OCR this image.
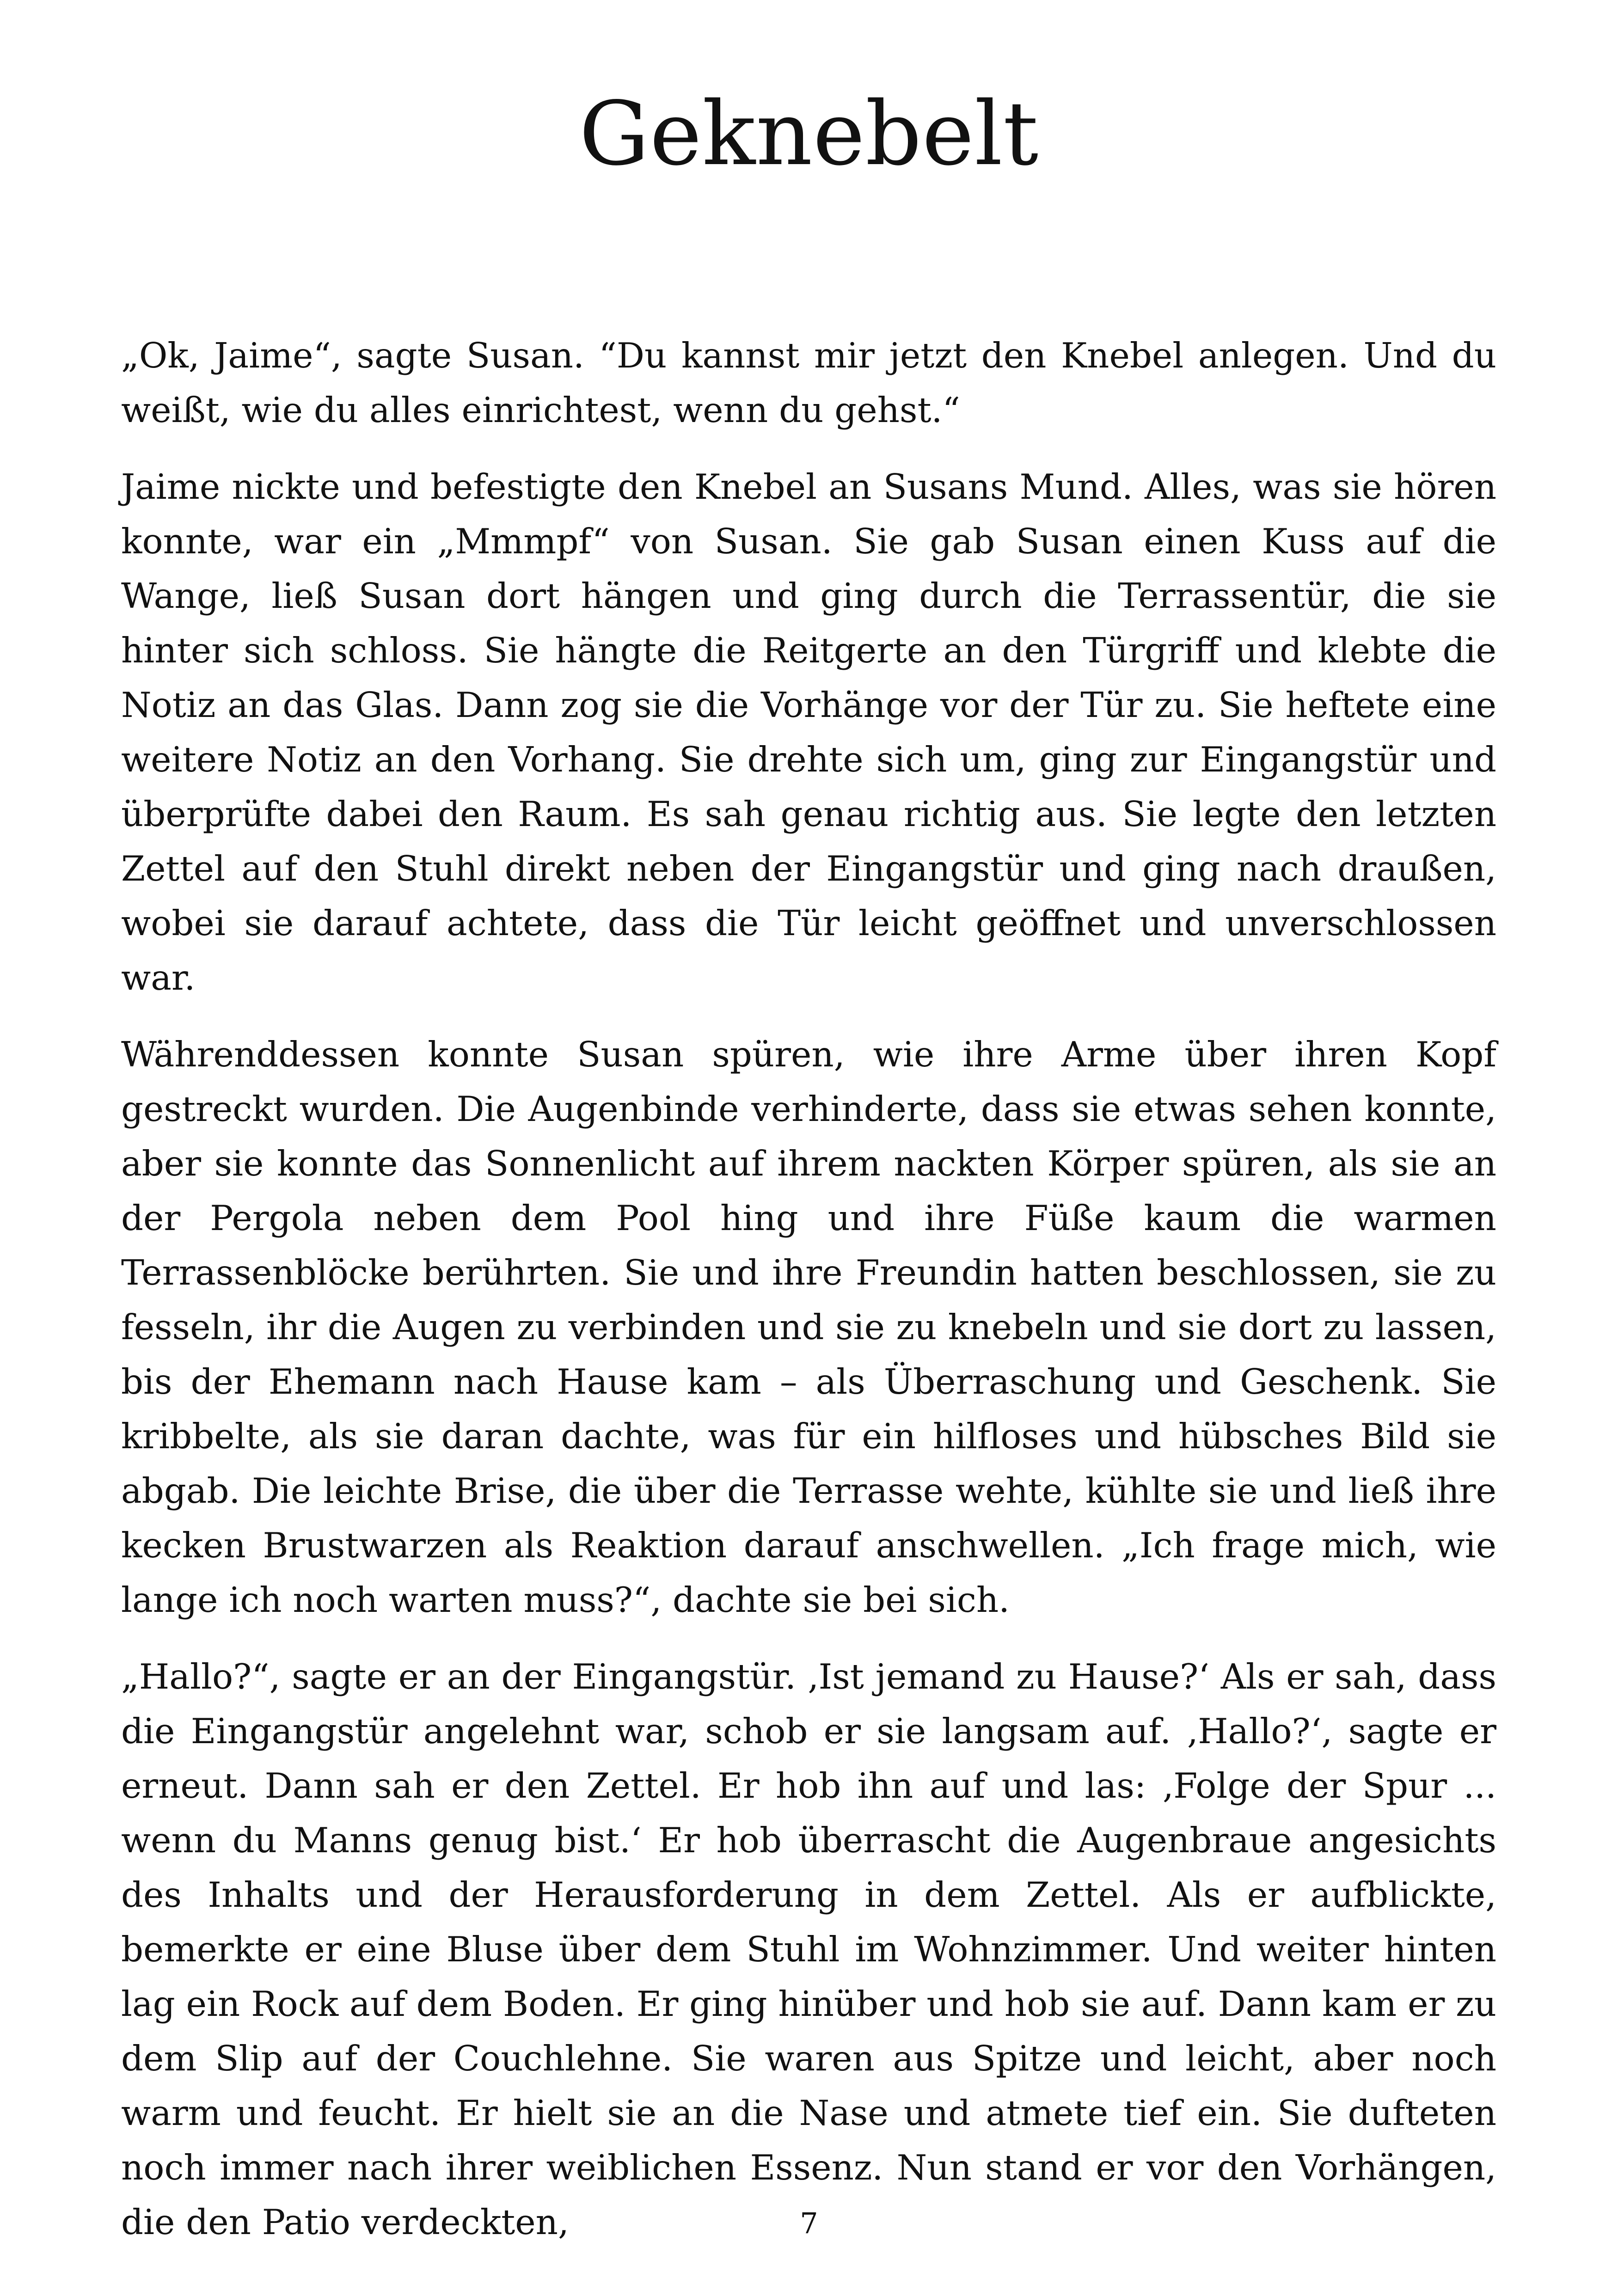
Geknebelt

„Ok, Jaime“, sagte Susan. “Du kannst mir jetzt den Knebel anlegen. Und du weißt, wie du alles einrichtest, wenn du gehst.“

Jaime nickte und befestigte den Knebel an Susans Mund. Alles, was sie hören konnte, war ein „Mmmpf“ von Susan. Sie gab Susan einen Kuss auf die Wange, ließ Susan dort hängen und ging durch die Terrassentür, die sie hinter sich schloss. Sie hängte die Reitgerte an den Türgriff und klebte die Notiz an das Glas. Dann zog sie die Vorhänge vor der Tür zu. Sie heftete eine weitere Notiz an den Vorhang. Sie drehte sich um, ging zur Eingangstür und überprüfte dabei den Raum. Es sah genau richtig aus. Sie legte den letzten Zettel auf den Stuhl direkt neben der Eingangstür und ging nach draußen, wobei sie darauf achtete, dass die Tür leicht geöffnet und unverschlossen war.

Währenddessen konnte Susan spüren, wie ihre Arme über ihren Kopf gestreckt wurden. Die Augenbinde verhinderte, dass sie etwas sehen konnte, aber sie konnte das Sonnenlicht auf ihrem nackten Körper spüren, als sie an der Pergola neben dem Pool hing und ihre Füße kaum die warmen Terrassenblöcke berührten. Sie und ihre Freundin hatten beschlossen, sie zu fesseln, ihr die Augen zu verbinden und sie zu knebeln und sie dort zu lassen, bis der Ehemann nach Hause kam – als Überraschung und Geschenk. Sie kribbelte, als sie daran dachte, was für ein hilfloses und hübsches Bild sie abgab. Die leichte Brise, die über die Terrasse wehte, kühlte sie und ließ ihre kecken Brustwarzen als Reaktion darauf anschwellen. „Ich frage mich, wie lange ich noch warten muss?“, dachte sie bei sich.

„Hallo?“, sagte er an der Eingangstür. ‚Ist jemand zu Hause?‘ Als er sah, dass die Eingangstür angelehnt war, schob er sie langsam auf. ‚Hallo?‘, sagte er erneut. Dann sah er den Zettel. Er hob ihn auf und las: ‚Folge der Spur ... wenn du Manns genug bist.‘ Er hob überrascht die Augenbraue angesichts des Inhalts und der Herausforderung in dem Zettel. Als er aufblickte, bemerkte er eine Bluse über dem Stuhl im Wohnzimmer. Und weiter hinten lag ein Rock auf dem Boden. Er ging hinüber und hob sie auf. Dann kam er zu dem Slip auf der Couchlehne. Sie waren aus Spitze und leicht, aber noch warm und feucht. Er hielt sie an die Nase und atmete tief ein. Sie dufteten noch immer nach ihrer weiblichen Essenz. Nun stand er vor den Vorhängen, die den Patio verdeckten,	7
